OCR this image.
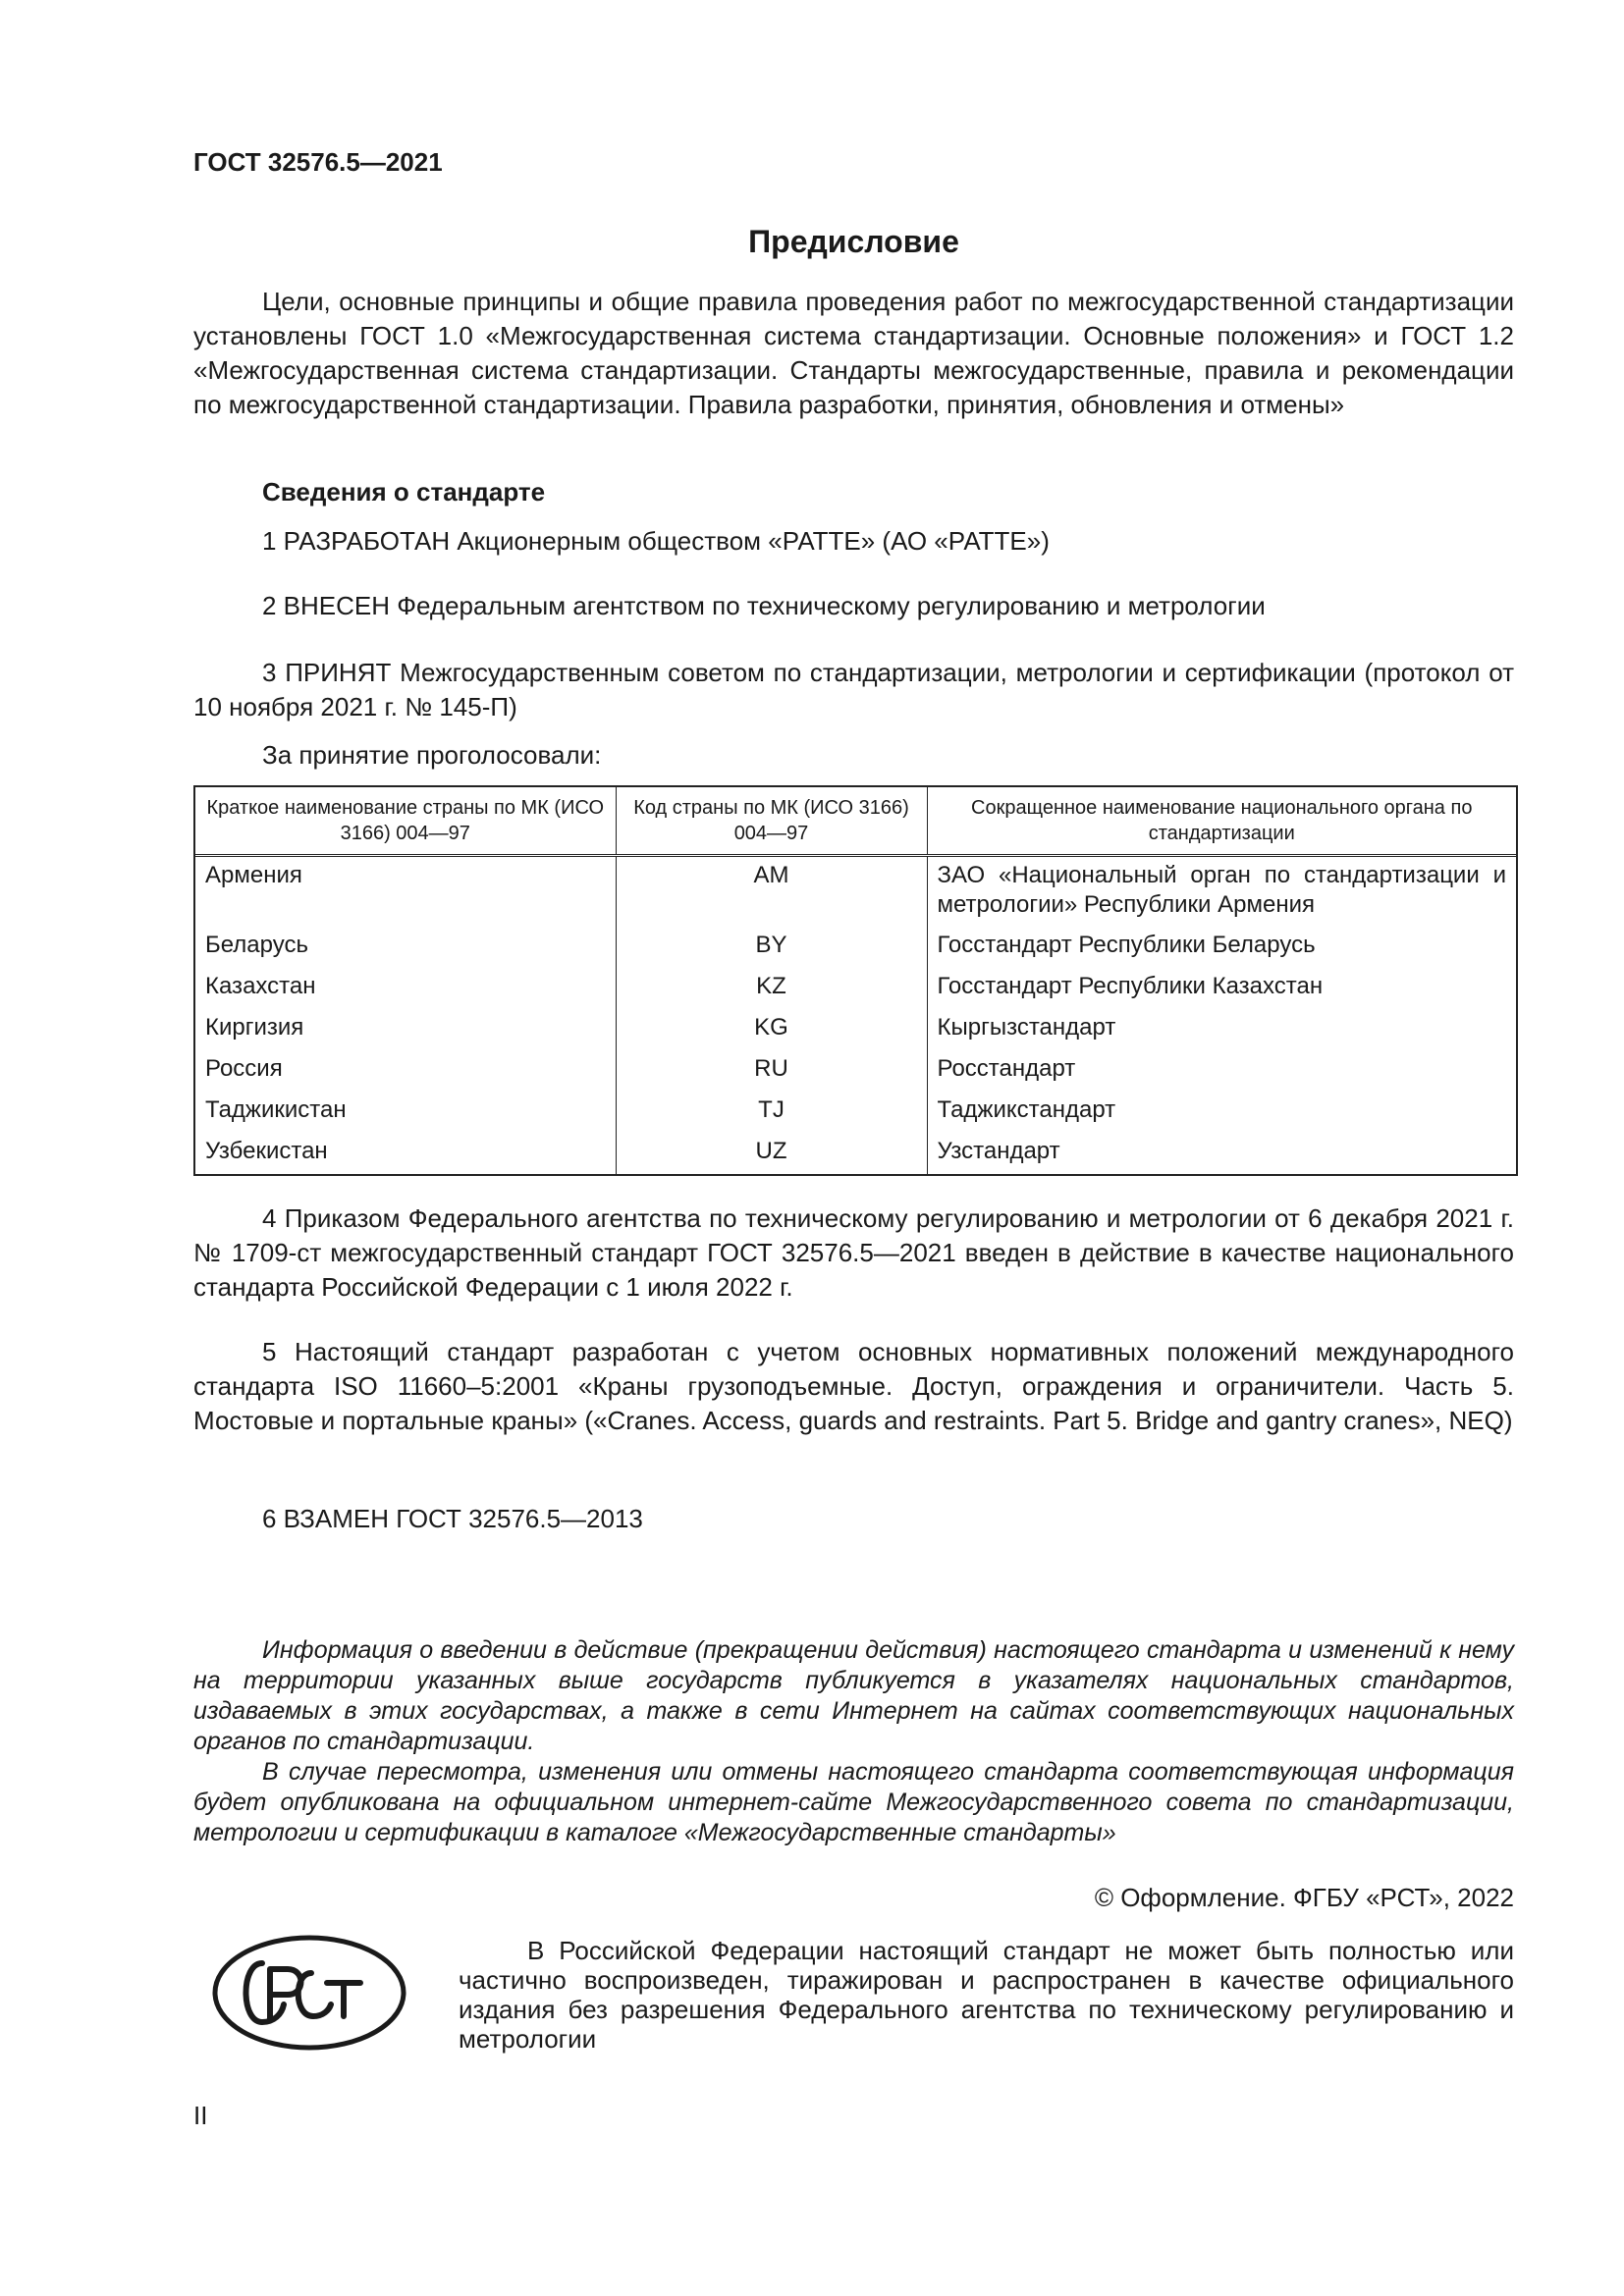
ГОСТ 32576.5—2021
Предисловие

Цели, основные принципы и общие правила проведения работ по межгосударственной стандартизации установлены ГОСТ 1.0 «Межгосударственная система стандартизации. Основные положения» и ГОСТ 1.2 «Межгосударственная система стандартизации. Стандарты межгосударственные, правила и рекомендации по межгосударственной стандартизации. Правила разработки, принятия, обновления и отмены»

Сведения о стандарте

1 РАЗРАБОТАН Акционерным обществом «РАТТЕ» (АО «РАТТЕ»)

2 ВНЕСЕН Федеральным агентством по техническому регулированию и метрологии

3 ПРИНЯТ Межгосударственным советом по стандартизации, метрологии и сертификации (протокол от 10 ноября 2021 г. № 145-П)

За принятие проголосовали:

Краткое наименование страны по МК (ИСО 3166) 004—97	Код страны по МК (ИСО 3166) 004—97	Сокращенное наименование национального органа по стандартизации
Армения	AM	ЗАО «Национальный орган по стандартизации и метрологии» Республики Армения
Беларусь	BY	Госстандарт Республики Беларусь
Казахстан	KZ	Госстандарт Республики Казахстан
Киргизия	KG	Кыргызстандарт
Россия	RU	Росстандарт
Таджикистан	TJ	Таджикстандарт
Узбекистан	UZ	Узстандарт

4 Приказом Федерального агентства по техническому регулированию и метрологии от 6 декабря 2021 г. № 1709-ст межгосударственный стандарт ГОСТ 32576.5—2021 введен в действие в качестве национального стандарта Российской Федерации с 1 июля 2022 г.

5 Настоящий стандарт разработан с учетом основных нормативных положений международного стандарта ISO 11660–5:2001 «Краны грузоподъемные. Доступ, ограждения и ограничители. Часть 5. Мостовые и портальные краны» («Cranes. Access, guards and restraints. Part 5. Bridge and gantry cranes», NEQ)

6 ВЗАМЕН ГОСТ 32576.5—2013

Информация о введении в действие (прекращении действия) настоящего стандарта и изменений к нему на территории указанных выше государств публикуется в указателях национальных стандартов, издаваемых в этих государствах, а также в сети Интернет на сайтах соответствующих национальных органов по стандартизации.

В случае пересмотра, изменения или отмены настоящего стандарта соответствующая информация будет опубликована на официальном интернет-сайте Межгосударственного совета по стандартизации, метрологии и сертификации в каталоге «Межгосударственные стандарты»

© Оформление. ФГБУ «РСТ», 2022

В Российской Федерации настоящий стандарт не может быть полностью или частично воспроизведен, тиражирован и распространен в качестве официального издания без разрешения Федерального агентства по техническому регулированию и метрологии

II
